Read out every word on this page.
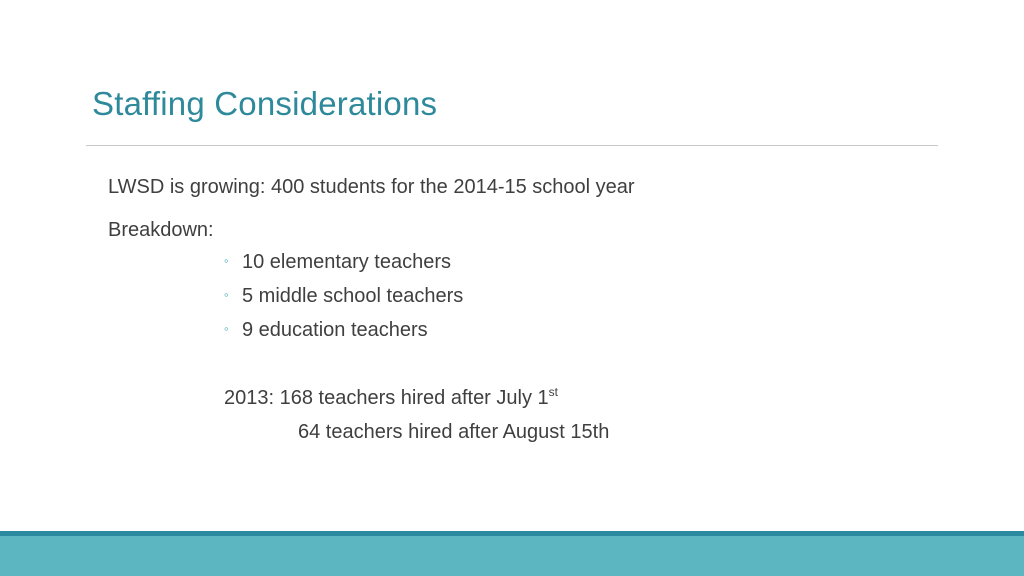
Staffing Considerations
LWSD is growing: 400 students for the 2014-15 school year
Breakdown:
◦ 10 elementary teachers
◦ 5 middle school teachers
◦ 9 education teachers
2013: 168 teachers hired after July 1st
64 teachers hired after August 15th
